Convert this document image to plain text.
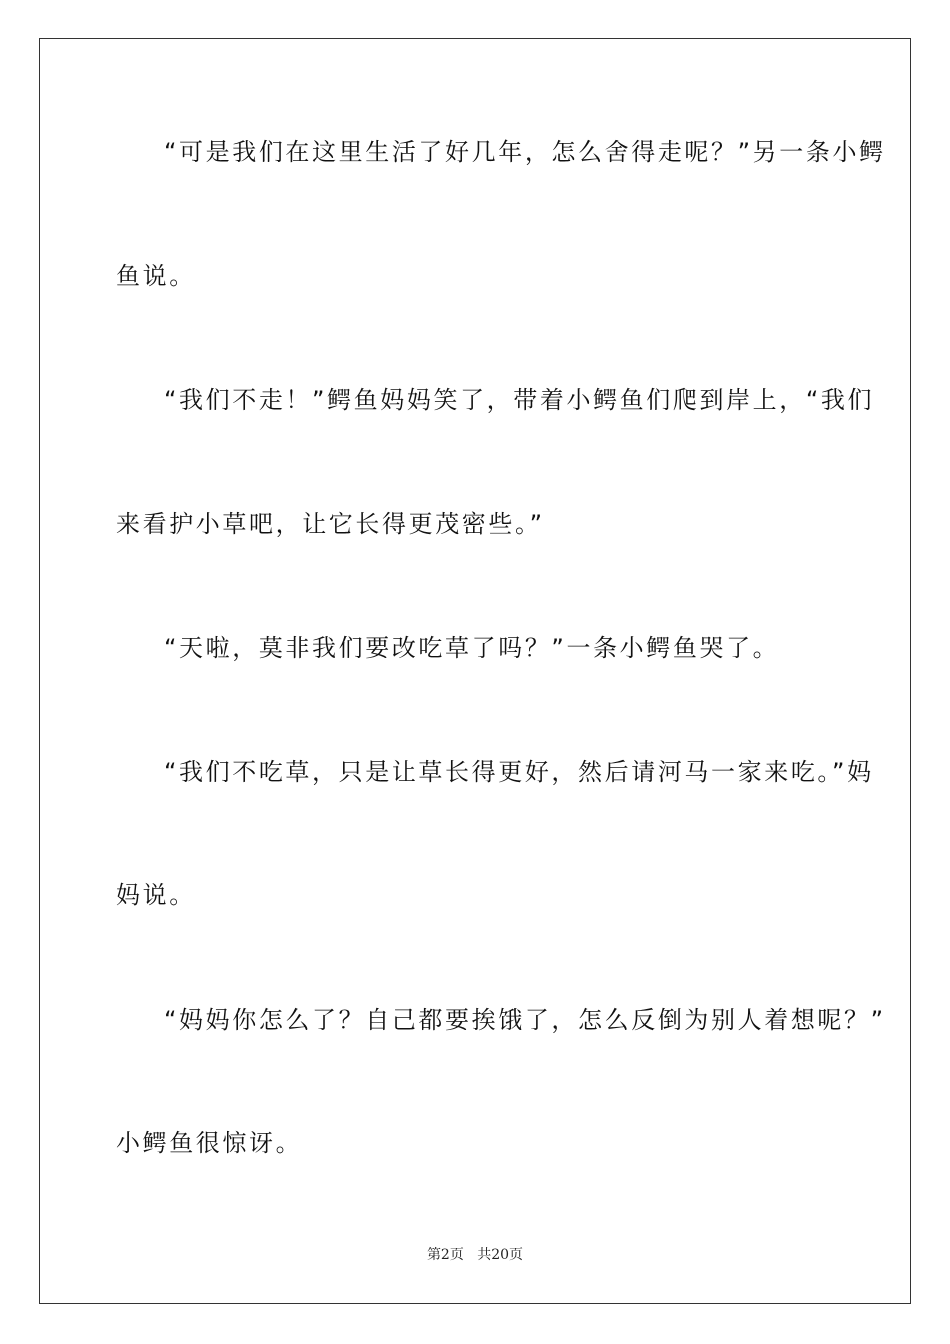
“可是我们在这里生活了好几年，怎么舍得走呢？”另一条小鳄
鱼说。
“我们不走！”鳄鱼妈妈笑了，带着小鳄鱼们爬到岸上，“我们
来看护小草吧，让它长得更茂密些。”
“天啦，莫非我们要改吃草了吗？”一条小鳄鱼哭了。
“我们不吃草，只是让草长得更好，然后请河马一家来吃。”妈
妈说。
“妈妈你怎么了？自己都要挨饿了，怎么反倒为别人着想呢？”
小鳄鱼很惊讶。
第2页 共20页
